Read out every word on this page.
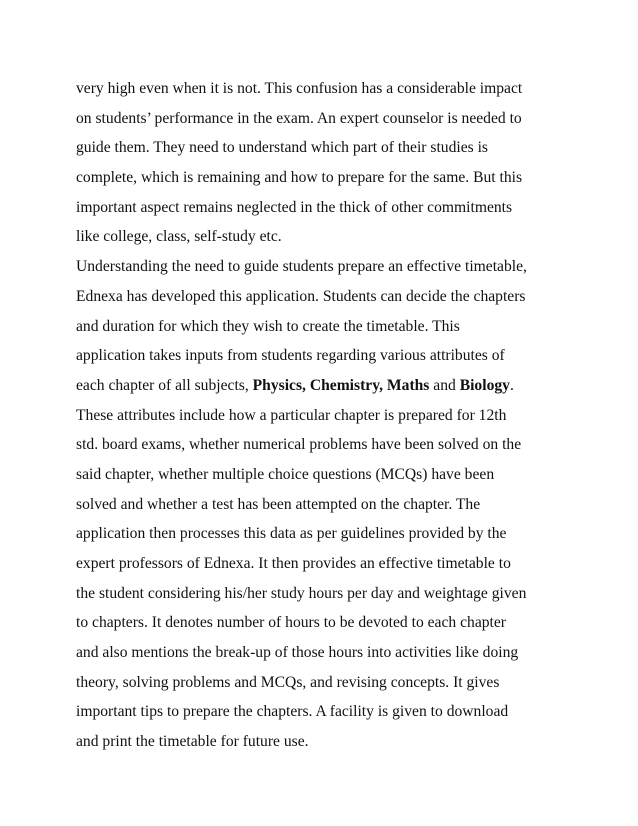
very high even when it is not. This confusion has a considerable impact
on students’ performance in the exam. An expert counselor is needed to
guide them. They need to understand which part of their studies is
complete, which is remaining and how to prepare for the same. But this
important aspect remains neglected in the thick of other commitments
like college, class, self-study etc.
Understanding the need to guide students prepare an effective timetable,
Ednexa has developed this application. Students can decide the chapters
and duration for which they wish to create the timetable. This
application takes inputs from students regarding various attributes of
each chapter of all subjects, Physics, Chemistry, Maths and Biology.
These attributes include how a particular chapter is prepared for 12th
std. board exams, whether numerical problems have been solved on the
said chapter, whether multiple choice questions (MCQs) have been
solved and whether a test has been attempted on the chapter. The
application then processes this data as per guidelines provided by the
expert professors of Ednexa. It then provides an effective timetable to
the student considering his/her study hours per day and weightage given
to chapters. It denotes number of hours to be devoted to each chapter
and also mentions the break-up of those hours into activities like doing
theory, solving problems and MCQs, and revising concepts. It gives
important tips to prepare the chapters. A facility is given to download
and print the timetable for future use.
